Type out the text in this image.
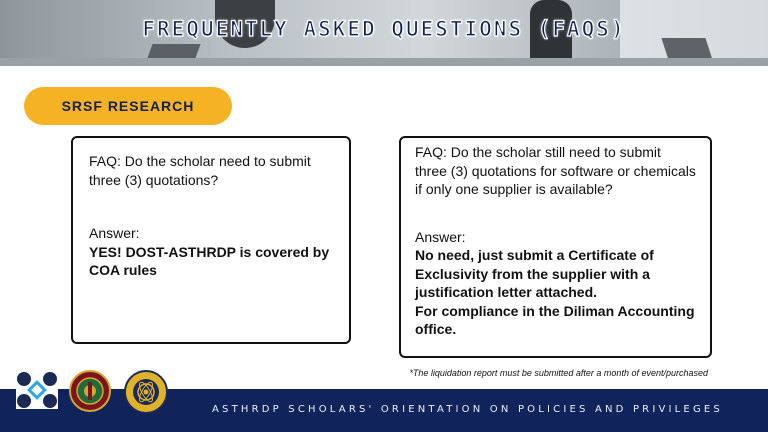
FREQUENTLY ASKED QUESTIONS (FAQS)
SRSF RESEARCH
FAQ: Do the scholar need to submit three (3) quotations?
Answer:
YES! DOST-ASTHRDP is covered by COA rules
FAQ: Do the scholar still need to submit three (3) quotations for software or chemicals if only one supplier is available?
Answer:
No need, just submit a Certificate of Exclusivity from the supplier with a justification letter attached.
For compliance in the Diliman Accounting office.
*The liquidation report must be submitted after a month of event/purchased
ASTHRDP SCHOLARS' ORIENTATION ON POLICIES AND PRIVILEGES
